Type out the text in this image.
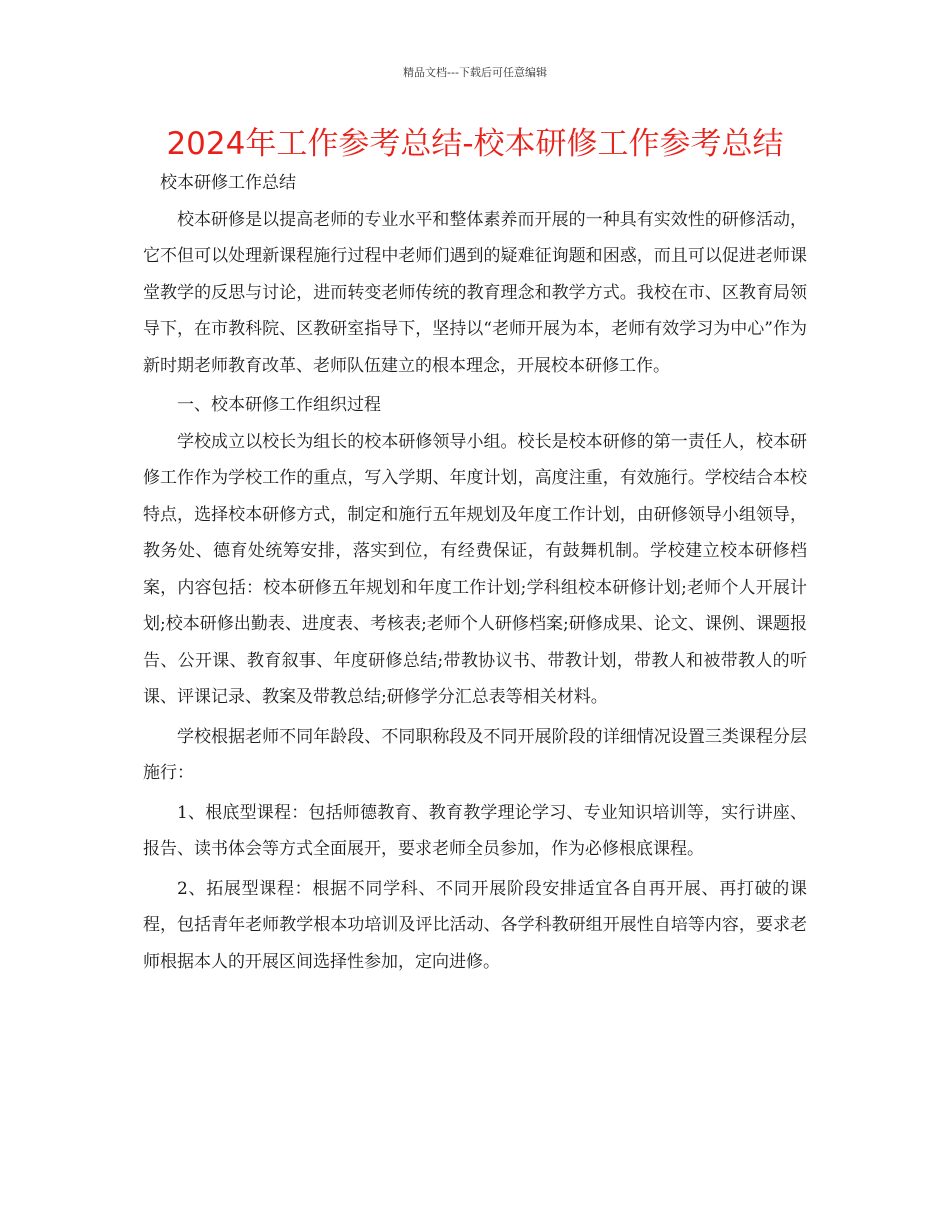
精品文档---下载后可任意编辑
2024年工作参考总结-校本研修工作参考总结

校本研修工作总结

校本研修是以提高老师的专业水平和整体素养而开展的一种具有实效性的研修活动，它不但可以处理新课程施行过程中老师们遇到的疑难征询题和困惑，而且可以促进老师课堂教学的反思与讨论，进而转变老师传统的教育理念和教学方式。我校在市、区教育局领导下，在市教科院、区教研室指导下，坚持以“老师开展为本，老师有效学习为中心”作为新时期老师教育改革、老师队伍建立的根本理念，开展校本研修工作。

一、校本研修工作组织过程

学校成立以校长为组长的校本研修领导小组。校长是校本研修的第一责任人，校本研修工作作为学校工作的重点，写入学期、年度计划，高度注重，有效施行。学校结合本校特点，选择校本研修方式，制定和施行五年规划及年度工作计划，由研修领导小组领导，教务处、德育处统筹安排，落实到位，有经费保证，有鼓舞机制。学校建立校本研修档案，内容包括：校本研修五年规划和年度工作计划;学科组校本研修计划;老师个人开展计划;校本研修出勤表、进度表、考核表;老师个人研修档案;研修成果、论文、课例、课题报告、公开课、教育叙事、年度研修总结;带教协议书、带教计划，带教人和被带教人的听课、评课记录、教案及带教总结;研修学分汇总表等相关材料。

学校根据老师不同年龄段、不同职称段及不同开展阶段的详细情况设置三类课程分层施行：

1、根底型课程：包括师德教育、教育教学理论学习、专业知识培训等，实行讲座、报告、读书体会等方式全面展开，要求老师全员参加，作为必修根底课程。

2、拓展型课程：根据不同学科、不同开展阶段安排适宜各自再开展、再打破的课程，包括青年老师教学根本功培训及评比活动、各学科教研组开展性自培等内容，要求老师根据本人的开展区间选择性参加，定向进修。
